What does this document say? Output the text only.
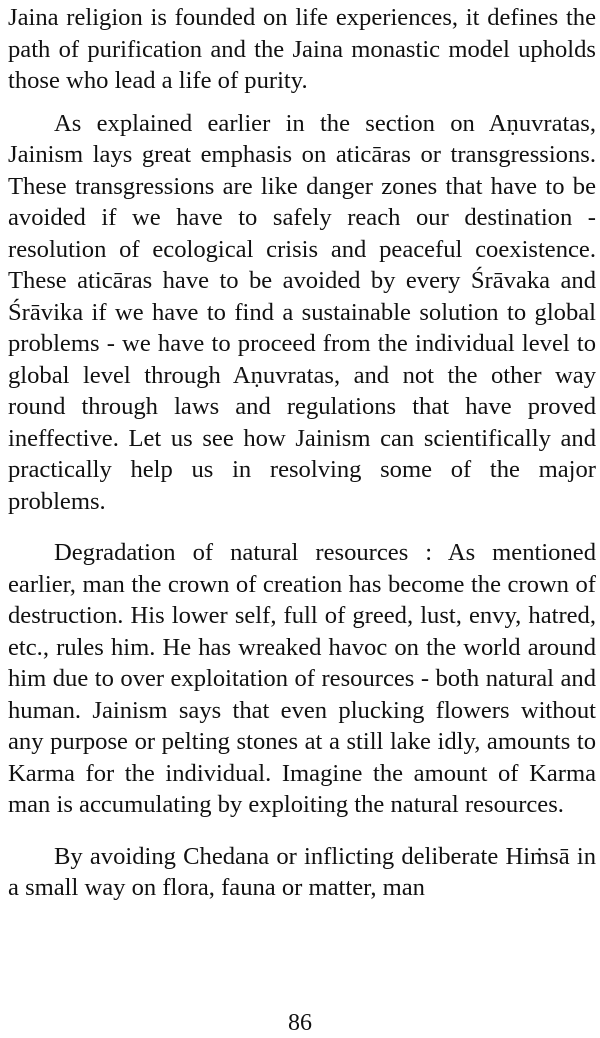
Jaina religion is founded on life experiences, it defines the path of purification and the Jaina monastic model upholds those who lead a life of purity.

As explained earlier in the section on Aṇuvratas, Jainism lays great emphasis on aticāras or transgressions. These transgressions are like danger zones that have to be avoided if we have to safely reach our destination - resolution of ecological crisis and peaceful coexistence. These aticāras have to be avoided by every Śrāvaka and Śrāvika if we have to find a sustainable solution to global problems - we have to proceed from the individual level to global level through Aṇuvratas, and not the other way round through laws and regulations that have proved ineffective. Let us see how Jainism can scientifically and practically help us in resolving some of the major problems.

Degradation of natural resources : As mentioned earlier, man the crown of creation has become the crown of destruction. His lower self, full of greed, lust, envy, hatred, etc., rules him. He has wreaked havoc on the world around him due to over exploitation of resources - both natural and human. Jainism says that even plucking flowers without any purpose or pelting stones at a still lake idly, amounts to Karma for the individual. Imagine the amount of Karma man is accumulating by exploiting the natural resources.

By avoiding Chedana or inflicting deliberate Hiṁsā in a small way on flora, fauna or matter, man

86
